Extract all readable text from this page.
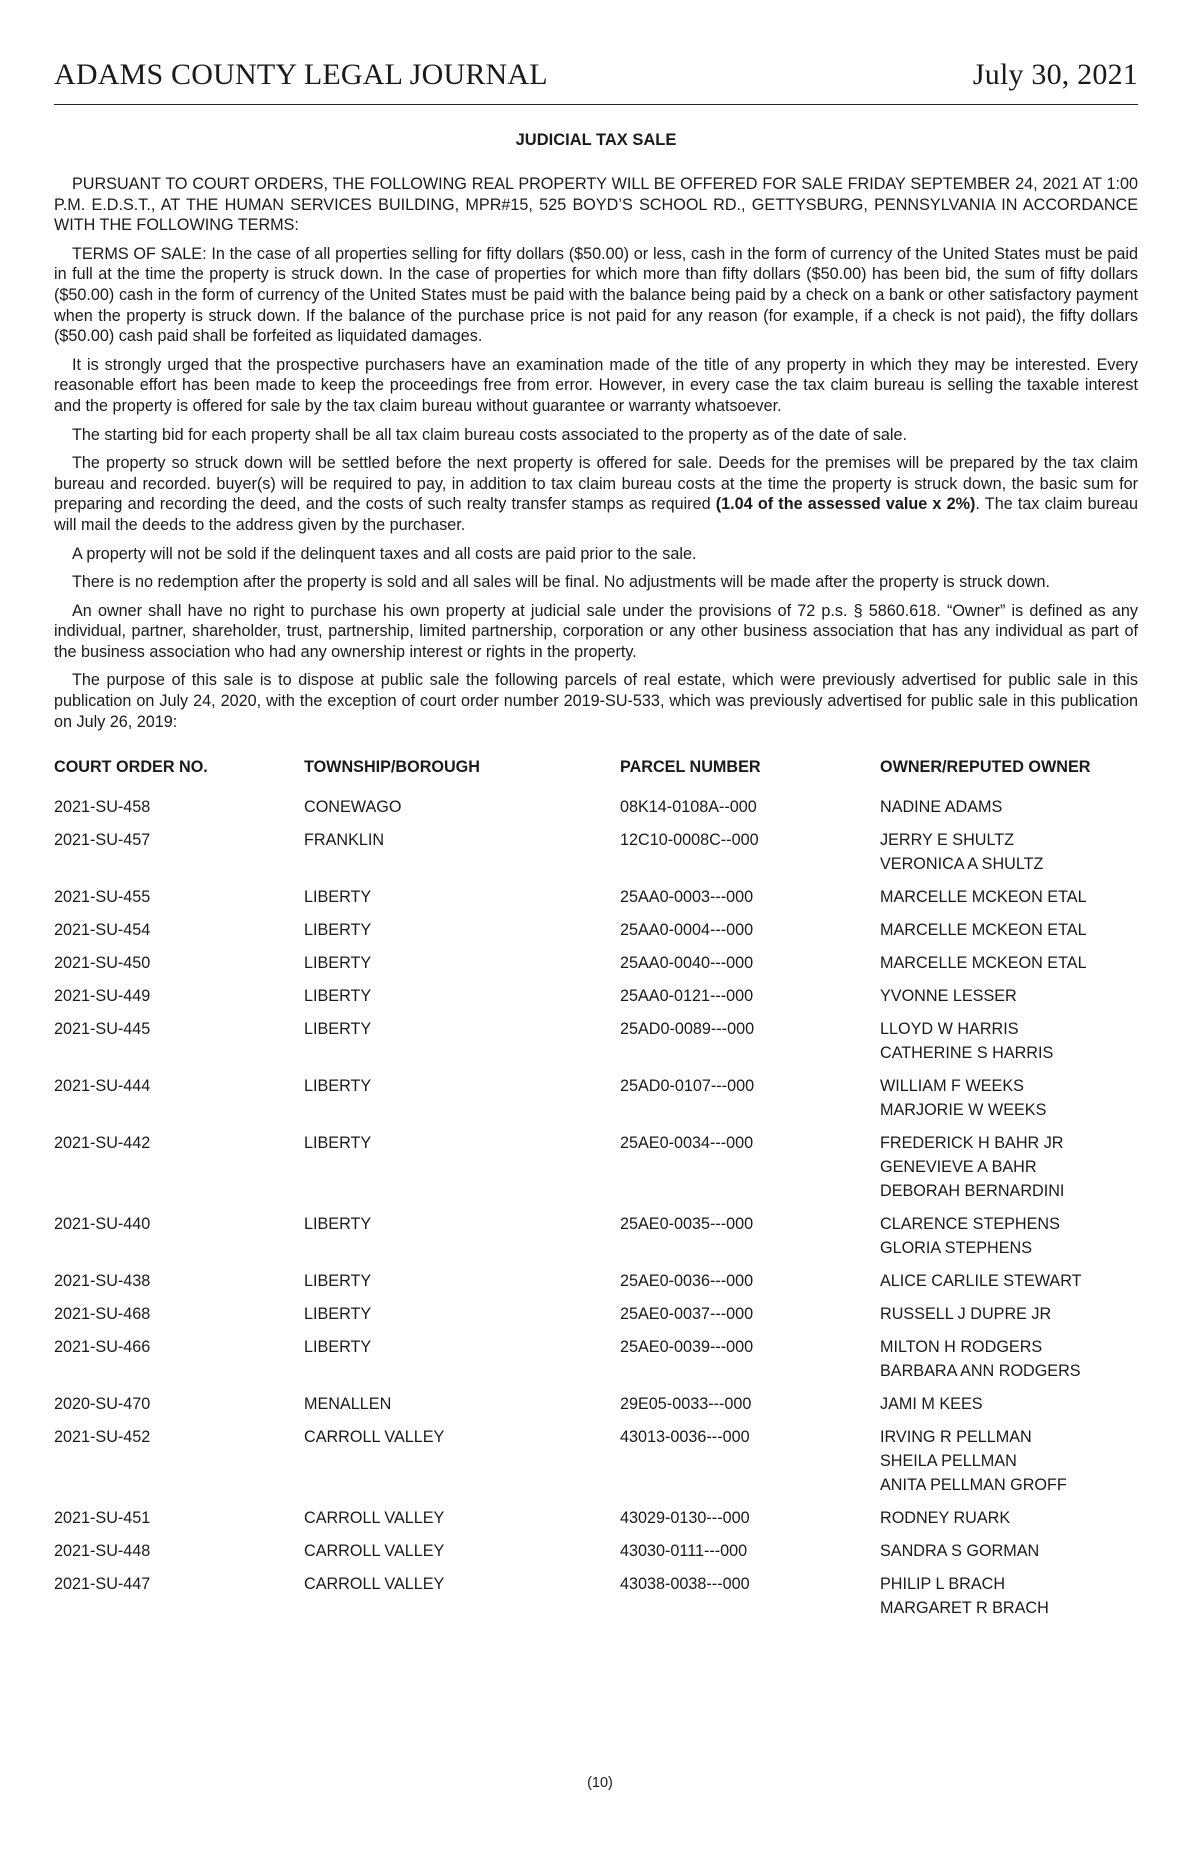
ADAMS COUNTY LEGAL JOURNAL	July 30, 2021
JUDICIAL TAX SALE

PURSUANT TO COURT ORDERS, THE FOLLOWING REAL PROPERTY WILL BE OFFERED FOR SALE FRIDAY SEPTEMBER 24, 2021 AT 1:00 P.M. E.D.S.T., AT THE HUMAN SERVICES BUILDING, MPR#15, 525 BOYD’S SCHOOL RD., GETTYSBURG, PENNSYLVANIA IN ACCORDANCE WITH THE FOLLOWING TERMS:

TERMS OF SALE: In the case of all properties selling for fifty dollars ($50.00) or less, cash in the form of currency of the United States must be paid in full at the time the property is struck down. In the case of properties for which more than fifty dollars ($50.00) has been bid, the sum of fifty dollars ($50.00) cash in the form of currency of the United States must be paid with the balance being paid by a check on a bank or other satisfactory payment when the property is struck down. If the balance of the purchase price is not paid for any reason (for example, if a check is not paid), the fifty dollars ($50.00) cash paid shall be forfeited as liquidated damages.

It is strongly urged that the prospective purchasers have an examination made of the title of any property in which they may be interested. Every reasonable effort has been made to keep the proceedings free from error. However, in every case the tax claim bureau is selling the taxable interest and the property is offered for sale by the tax claim bureau without guarantee or warranty whatsoever.

The starting bid for each property shall be all tax claim bureau costs associated to the property as of the date of sale.

The property so struck down will be settled before the next property is offered for sale. Deeds for the premises will be prepared by the tax claim bureau and recorded. buyer(s) will be required to pay, in addition to tax claim bureau costs at the time the property is struck down, the basic sum for preparing and recording the deed, and the costs of such realty transfer stamps as required (1.04 of the assessed value x 2%). The tax claim bureau will mail the deeds to the address given by the purchaser.

A property will not be sold if the delinquent taxes and all costs are paid prior to the sale.

There is no redemption after the property is sold and all sales will be final. No adjustments will be made after the property is struck down.

An owner shall have no right to purchase his own property at judicial sale under the provisions of 72 p.s. § 5860.618. “Owner” is defined as any individual, partner, shareholder, trust, partnership, limited partnership, corporation or any other business association that has any individual as part of the business association who had any ownership interest or rights in the property.

The purpose of this sale is to dispose at public sale the following parcels of real estate, which were previously advertised for public sale in this publication on July 24, 2020, with the exception of court order number 2019-SU-533, which was previously advertised for public sale in this publication on July 26, 2019:

COURT ORDER NO.	TOWNSHIP/BOROUGH	PARCEL NUMBER	OWNER/REPUTED OWNER
2021-SU-458	CONEWAGO	08K14-0108A--000	NADINE ADAMS
2021-SU-457	FRANKLIN	12C10-0008C--000	JERRY E SHULTZ
VERONICA A SHULTZ
2021-SU-455	LIBERTY	25AA0-0003---000	MARCELLE MCKEON ETAL
2021-SU-454	LIBERTY	25AA0-0004---000	MARCELLE MCKEON ETAL
2021-SU-450	LIBERTY	25AA0-0040---000	MARCELLE MCKEON ETAL
2021-SU-449	LIBERTY	25AA0-0121---000	YVONNE LESSER
2021-SU-445	LIBERTY	25AD0-0089---000	LLOYD W HARRIS
CATHERINE S HARRIS
2021-SU-444	LIBERTY	25AD0-0107---000	WILLIAM F WEEKS
MARJORIE W WEEKS
2021-SU-442	LIBERTY	25AE0-0034---000	FREDERICK H BAHR JR
GENEVIEVE A BAHR
DEBORAH BERNARDINI
2021-SU-440	LIBERTY	25AE0-0035---000	CLARENCE STEPHENS
GLORIA STEPHENS
2021-SU-438	LIBERTY	25AE0-0036---000	ALICE CARLILE STEWART
2021-SU-468	LIBERTY	25AE0-0037---000	RUSSELL J DUPRE JR
2021-SU-466	LIBERTY	25AE0-0039---000	MILTON H RODGERS
BARBARA ANN RODGERS
2020-SU-470	MENALLEN	29E05-0033---000	JAMI M KEES
2021-SU-452	CARROLL VALLEY	43013-0036---000	IRVING R PELLMAN
SHEILA PELLMAN
ANITA PELLMAN GROFF
2021-SU-451	CARROLL VALLEY	43029-0130---000	RODNEY RUARK
2021-SU-448	CARROLL VALLEY	43030-0111---000	SANDRA S GORMAN
2021-SU-447	CARROLL VALLEY	43038-0038---000	PHILIP L BRACH
MARGARET R BRACH
(10)
